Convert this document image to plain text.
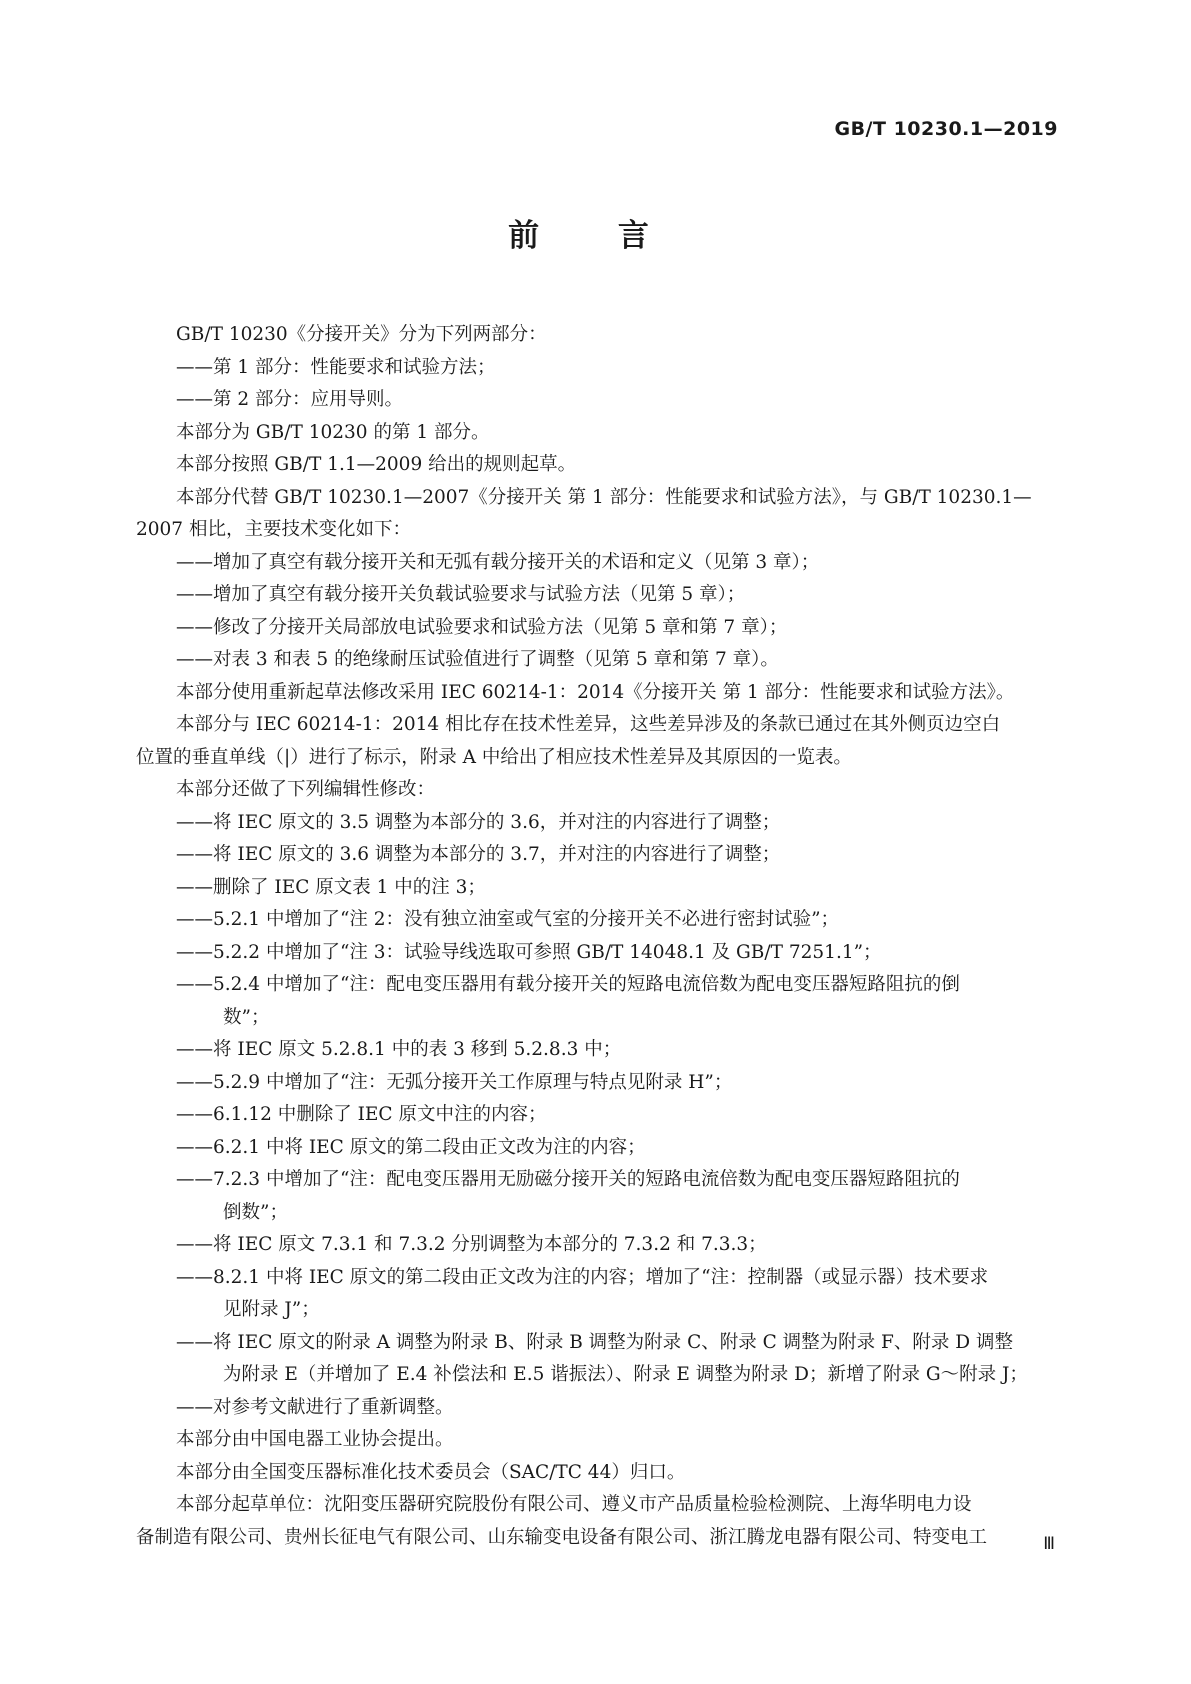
GB/T 10230.1—2019
前 言
GB/T 10230《分接开关》分为下列两部分：
——第 1 部分：性能要求和试验方法；
——第 2 部分：应用导则。
本部分为 GB/T 10230 的第 1 部分。
本部分按照 GB/T 1.1—2009 给出的规则起草。
本部分代替 GB/T 10230.1—2007《分接开关 第 1 部分：性能要求和试验方法》，与 GB/T 10230.1—
2007 相比，主要技术变化如下：
——增加了真空有载分接开关和无弧有载分接开关的术语和定义（见第 3 章）；
——增加了真空有载分接开关负载试验要求与试验方法（见第 5 章）；
——修改了分接开关局部放电试验要求和试验方法（见第 5 章和第 7 章）；
——对表 3 和表 5 的绝缘耐压试验值进行了调整（见第 5 章和第 7 章）。
本部分使用重新起草法修改采用 IEC 60214-1：2014《分接开关 第 1 部分：性能要求和试验方法》。
本部分与 IEC 60214-1：2014 相比存在技术性差异，这些差异涉及的条款已通过在其外侧页边空白
位置的垂直单线（|）进行了标示，附录 A 中给出了相应技术性差异及其原因的一览表。
本部分还做了下列编辑性修改：
——将 IEC 原文的 3.5 调整为本部分的 3.6，并对注的内容进行了调整；
——将 IEC 原文的 3.6 调整为本部分的 3.7，并对注的内容进行了调整；
——删除了 IEC 原文表 1 中的注 3；
——5.2.1 中增加了“注 2：没有独立油室或气室的分接开关不必进行密封试验”；
——5.2.2 中增加了“注 3：试验导线选取可参照 GB/T 14048.1 及 GB/T 7251.1”；
——5.2.4 中增加了“注：配电变压器用有载分接开关的短路电流倍数为配电变压器短路阻抗的倒
数”；
——将 IEC 原文 5.2.8.1 中的表 3 移到 5.2.8.3 中；
——5.2.9 中增加了“注：无弧分接开关工作原理与特点见附录 H”；
——6.1.12 中删除了 IEC 原文中注的内容；
——6.2.1 中将 IEC 原文的第二段由正文改为注的内容；
——7.2.3 中增加了“注：配电变压器用无励磁分接开关的短路电流倍数为配电变压器短路阻抗的
倒数”；
——将 IEC 原文 7.3.1 和 7.3.2 分别调整为本部分的 7.3.2 和 7.3.3；
——8.2.1 中将 IEC 原文的第二段由正文改为注的内容；增加了“注：控制器（或显示器）技术要求
见附录 J”；
——将 IEC 原文的附录 A 调整为附录 B、附录 B 调整为附录 C、附录 C 调整为附录 F、附录 D 调整
为附录 E（并增加了 E.4 补偿法和 E.5 谐振法）、附录 E 调整为附录 D；新增了附录 G～附录 J；
——对参考文献进行了重新调整。
本部分由中国电器工业协会提出。
本部分由全国变压器标准化技术委员会（SAC/TC 44）归口。
本部分起草单位：沈阳变压器研究院股份有限公司、遵义市产品质量检验检测院、上海华明电力设
备制造有限公司、贵州长征电气有限公司、山东输变电设备有限公司、浙江腾龙电器有限公司、特变电工	Ⅲ
